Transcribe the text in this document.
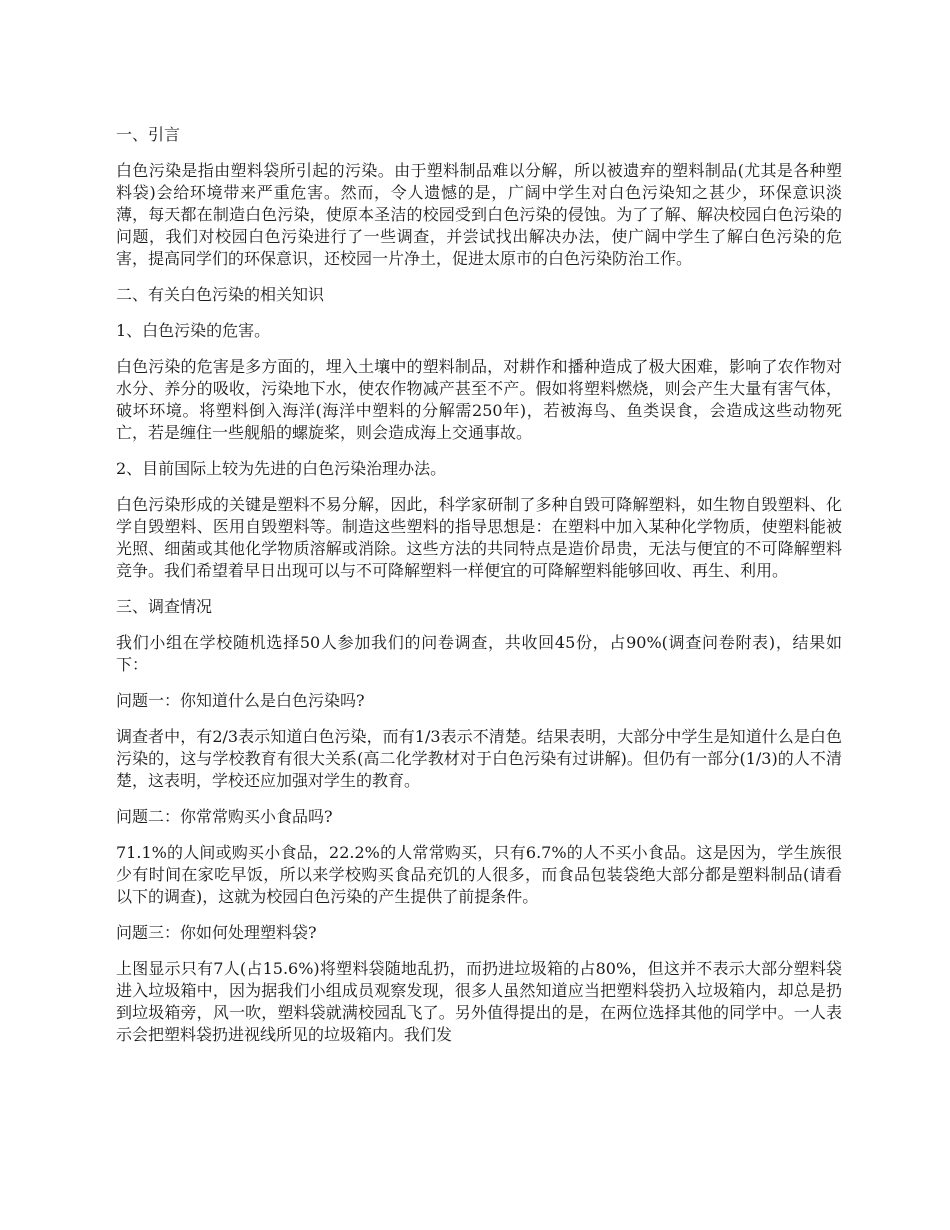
一、引言

白色污染是指由塑料袋所引起的污染。由于塑料制品难以分解，所以被遗弃的塑料制品(尤其是各种塑料袋)会给环境带来严重危害。然而，令人遗憾的是，广阔中学生对白色污染知之甚少，环保意识淡薄，每天都在制造白色污染，使原本圣洁的校园受到白色污染的侵蚀。为了了解、解决校园白色污染的问题，我们对校园白色污染进行了一些调查，并尝试找出解决办法，使广阔中学生了解白色污染的危害，提高同学们的环保意识，还校园一片净土，促进太原市的白色污染防治工作。

二、有关白色污染的相关知识

1、白色污染的危害。

白色污染的危害是多方面的，埋入土壤中的塑料制品，对耕作和播种造成了极大困难，影响了农作物对水分、养分的吸收，污染地下水，使农作物减产甚至不产。假如将塑料燃烧，则会产生大量有害气体，破坏环境。将塑料倒入海洋(海洋中塑料的分解需250年)，若被海鸟、鱼类误食，会造成这些动物死亡，若是缠住一些舰船的螺旋桨，则会造成海上交通事故。

2、目前国际上较为先进的白色污染治理办法。

白色污染形成的关键是塑料不易分解，因此，科学家研制了多种自毁可降解塑料，如生物自毁塑料、化学自毁塑料、医用自毁塑料等。制造这些塑料的指导思想是：在塑料中加入某种化学物质，使塑料能被光照、细菌或其他化学物质溶解或消除。这些方法的共同特点是造价昂贵，无法与便宜的不可降解塑料竞争。我们希望着早日出现可以与不可降解塑料一样便宜的可降解塑料能够回收、再生、利用。

三、调查情况

我们小组在学校随机选择50人参加我们的问卷调查，共收回45份，占90%(调查问卷附表)，结果如下：

问题一：你知道什么是白色污染吗?

调查者中，有2/3表示知道白色污染，而有1/3表示不清楚。结果表明，大部分中学生是知道什么是白色污染的，这与学校教育有很大关系(高二化学教材对于白色污染有过讲解)。但仍有一部分(1/3)的人不清楚，这表明，学校还应加强对学生的教育。

问题二：你常常购买小食品吗?

71.1%的人间或购买小食品，22.2%的人常常购买，只有6.7%的人不买小食品。这是因为，学生族很少有时间在家吃早饭，所以来学校购买食品充饥的人很多，而食品包装袋绝大部分都是塑料制品(请看以下的调查)，这就为校园白色污染的产生提供了前提条件。

问题三：你如何处理塑料袋?

上图显示只有7人(占15.6%)将塑料袋随地乱扔，而扔进垃圾箱的占80%，但这并不表示大部分塑料袋进入垃圾箱中，因为据我们小组成员观察发现，很多人虽然知道应当把塑料袋扔入垃圾箱内，却总是扔到垃圾箱旁，风一吹，塑料袋就满校园乱飞了。另外值得提出的是，在两位选择其他的同学中。一人表示会把塑料袋扔进视线所见的垃圾箱内。我们发
